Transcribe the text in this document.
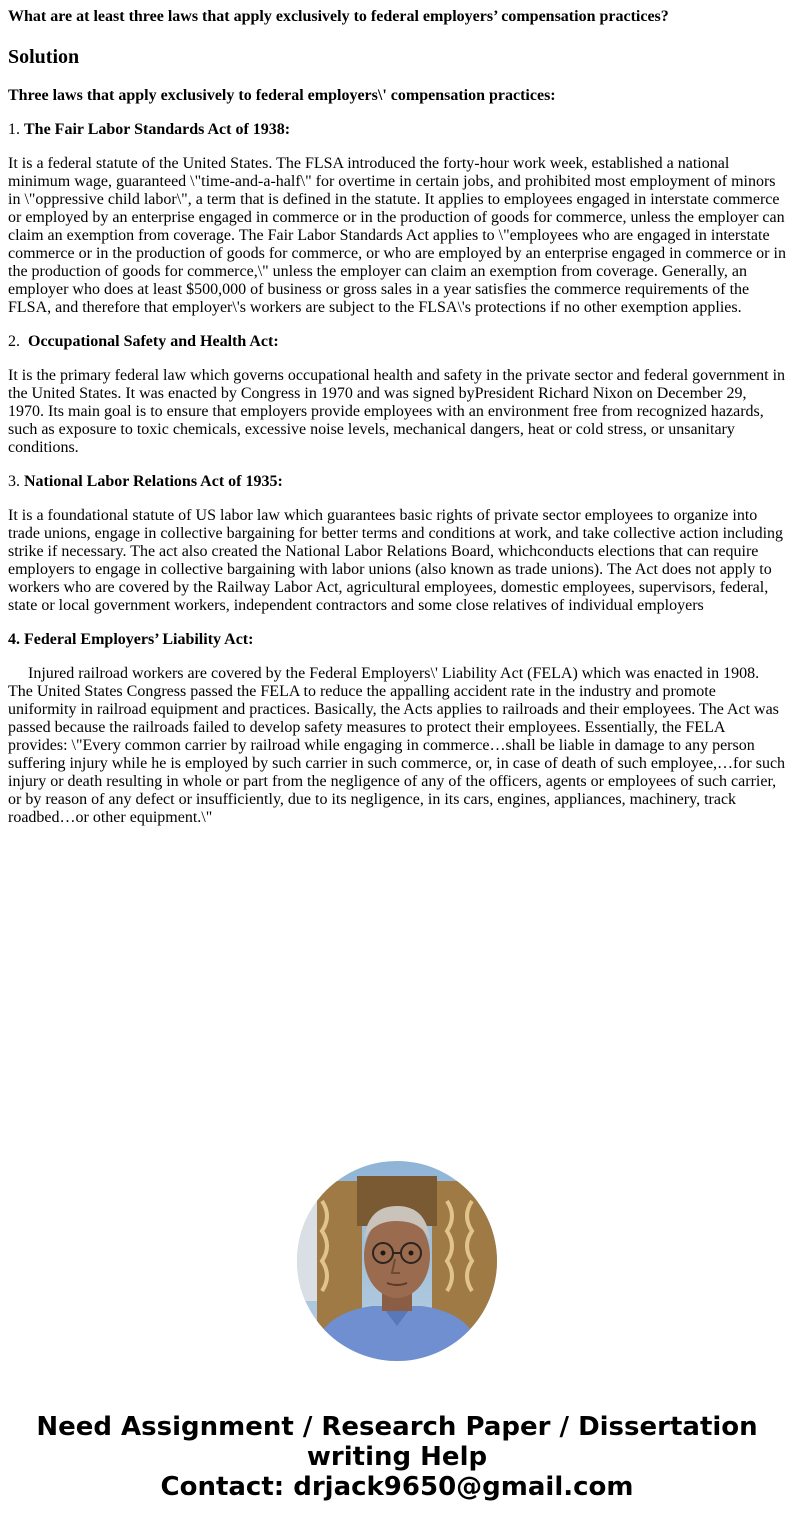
What are at least three laws that apply exclusively to federal employers’ compensation practices?

Solution

Three laws that apply exclusively to federal employers\' compensation practices:

1. The Fair Labor Standards Act of 1938:

It is a federal statute of the United States. The FLSA introduced the forty-hour work week, established a national minimum wage, guaranteed \"time-and-a-half\" for overtime in certain jobs, and prohibited most employment of minors in \"oppressive child labor\", a term that is defined in the statute. It applies to employees engaged in interstate commerce or employed by an enterprise engaged in commerce or in the production of goods for commerce, unless the employer can claim an exemption from coverage. The Fair Labor Standards Act applies to \"employees who are engaged in interstate commerce or in the production of goods for commerce, or who are employed by an enterprise engaged in commerce or in the production of goods for commerce,\" unless the employer can claim an exemption from coverage. Generally, an employer who does at least $500,000 of business or gross sales in a year satisfies the commerce requirements of the FLSA, and therefore that employer\'s workers are subject to the FLSA\'s protections if no other exemption applies.

2.  Occupational Safety and Health Act:

It is the primary federal law which governs occupational health and safety in the private sector and federal government in the United States. It was enacted by Congress in 1970 and was signed byPresident Richard Nixon on December 29, 1970. Its main goal is to ensure that employers provide employees with an environment free from recognized hazards, such as exposure to toxic chemicals, excessive noise levels, mechanical dangers, heat or cold stress, or unsanitary conditions.

3. National Labor Relations Act of 1935:

It is a foundational statute of US labor law which guarantees basic rights of private sector employees to organize into trade unions, engage in collective bargaining for better terms and conditions at work, and take collective action including strike if necessary. The act also created the National Labor Relations Board, whichconducts elections that can require employers to engage in collective bargaining with labor unions (also known as trade unions). The Act does not apply to workers who are covered by the Railway Labor Act, agricultural employees, domestic employees, supervisors, federal, state or local government workers, independent contractors and some close relatives of individual employers

4. Federal Employers’ Liability Act:

Injured railroad workers are covered by the Federal Employers\' Liability Act (FELA) which was enacted in 1908. The United States Congress passed the FELA to reduce the appalling accident rate in the industry and promote uniformity in railroad equipment and practices. Basically, the Acts applies to railroads and their employees. The Act was passed because the railroads failed to develop safety measures to protect their employees. Essentially, the FELA provides: \"Every common carrier by railroad while engaging in commerce…shall be liable in damage to any person suffering injury while he is employed by such carrier in such commerce, or, in case of death of such employee,…for such injury or death resulting in whole or part from the negligence of any of the officers, agents or employees of such carrier, or by reason of any defect or insufficiently, due to its negligence, in its cars, engines, appliances, machinery, track roadbed…or other equipment.\"

Need Assignment / Research Paper / Dissertation
writing Help
Contact: drjack9650@gmail.com
